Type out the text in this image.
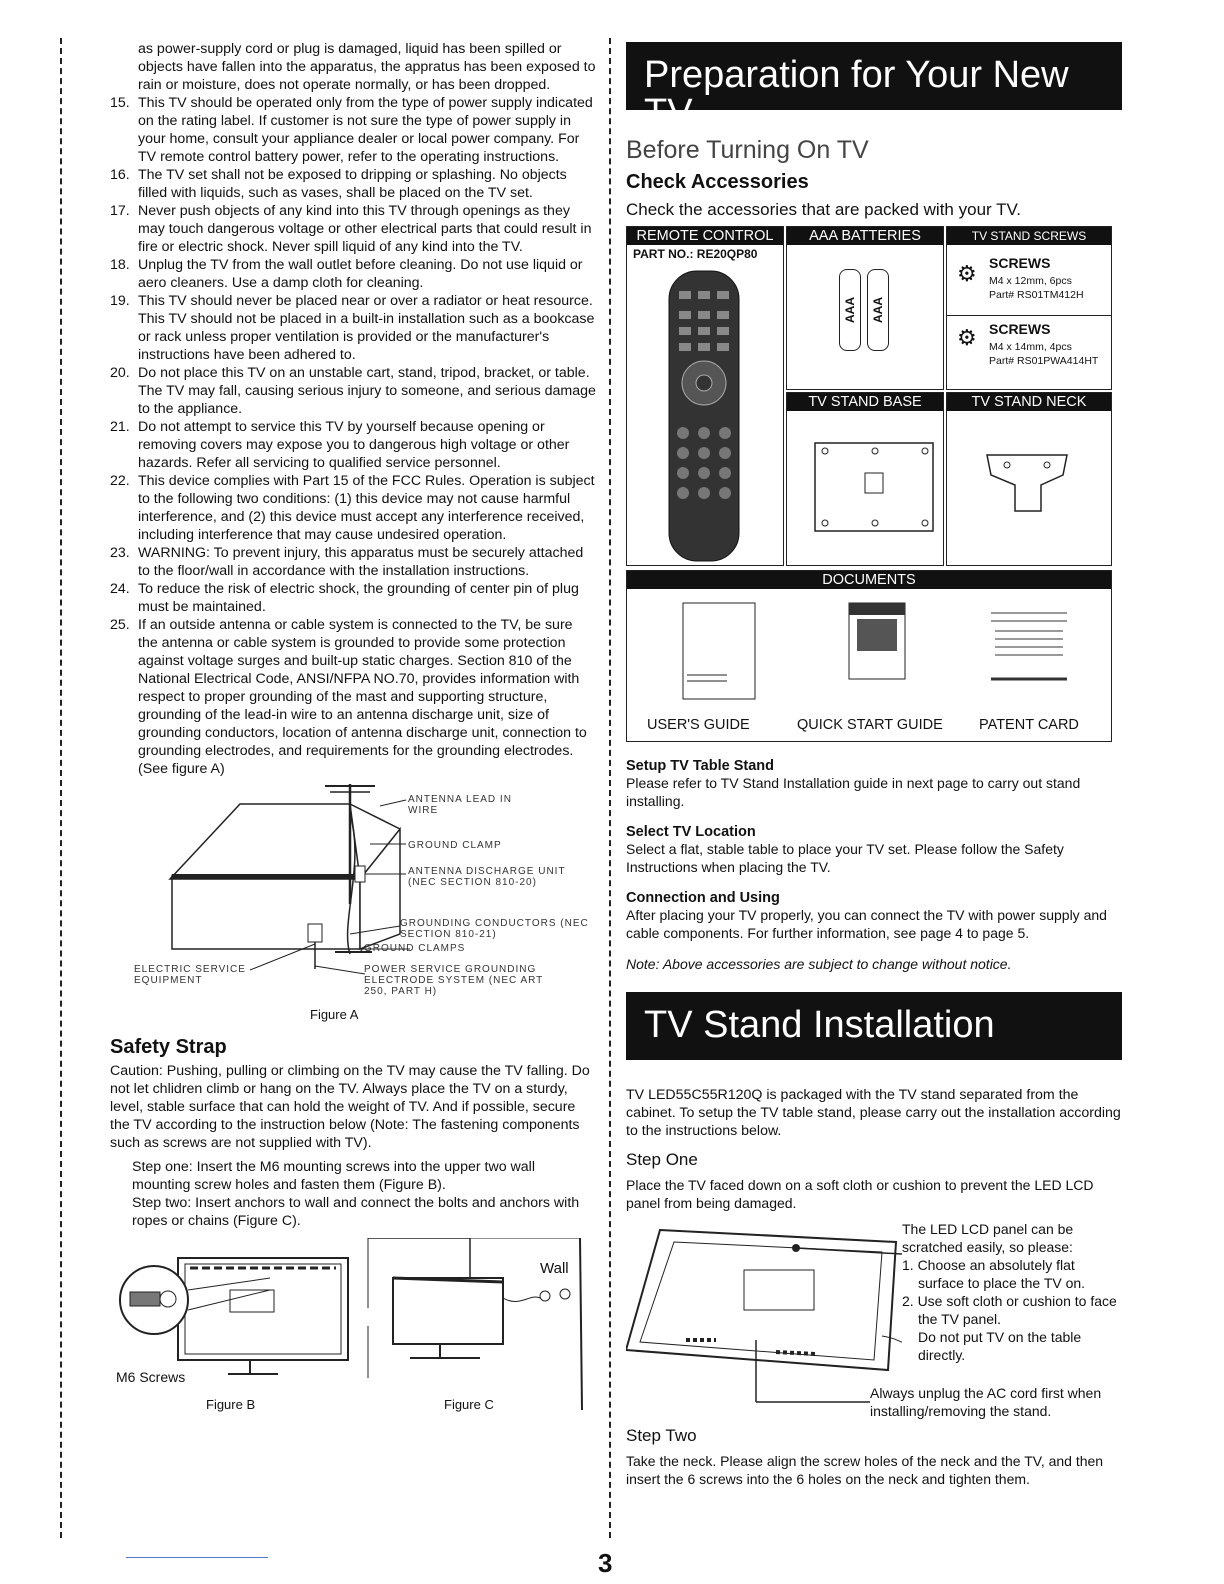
as power-supply cord or plug is damaged, liquid has been spilled or objects have fallen into the apparatus, the appratus has been exposed to rain or moisture, does not operate normally, or has been dropped.
15. This TV should be operated only from the type of power supply indicated on the rating label. If customer is not sure the type of power supply in your home, consult your appliance dealer or local power company. For TV remote control battery power, refer to the operating instructions.
16. The TV set shall not be exposed to dripping or splashing. No objects filled with liquids, such as vases, shall be placed on the TV set.
17. Never push objects of any kind into this TV through openings as they may touch dangerous voltage or other electrical parts that could result in fire or electric shock. Never spill liquid of any kind into the TV.
18. Unplug the TV from the wall outlet before cleaning. Do not use liquid or aero cleaners. Use a damp cloth for cleaning.
19. This TV should never be placed near or over a radiator or heat resource. This TV should not be placed in a built-in installation such as a bookcase or rack unless proper ventilation is provided or the manufacturer's instructions have been adhered to.
20. Do not place this TV on an unstable cart, stand, tripod, bracket, or table. The TV may fall, causing serious injury to someone, and serious damage to the appliance.
21. Do not attempt to service this TV by yourself because opening or removing covers may expose you to dangerous high voltage or other hazards. Refer all servicing to qualified service personnel.
22. This device complies with Part 15 of the FCC Rules. Operation is subject to the following two conditions: (1) this device may not cause harmful interference, and (2) this device must accept any interference received, including interference that may cause undesired operation.
23. WARNING: To prevent injury, this apparatus must be securely attached to the floor/wall in accordance with the installation instructions.
24. To reduce the risk of electric shock, the grounding of center pin of plug must be maintained.
25. If an outside antenna or cable system is connected to the TV, be sure the antenna or cable system is grounded to provide some protection against voltage surges and built-up static charges. Section 810 of the National Electrical Code, ANSI/NFPA NO.70, provides information with respect to proper grounding of the mast and supporting structure, grounding of the lead-in wire to an antenna discharge unit, size of grounding conductors, location of antenna discharge unit, connection to grounding electrodes, and requirements for the grounding electrodes. (See figure A)
ANTENNA LEAD IN WIRE
GROUND CLAMP
ANTENNA DISCHARGE UNIT (NEC SECTION 810-20)
GROUNDING CONDUCTORS (NEC SECTION 810-21)
GROUND CLAMPS
ELECTRIC SERVICE EQUIPMENT
POWER SERVICE GROUNDING ELECTRODE SYSTEM (NEC ART 250, PART H)
Figure A
Safety Strap
Caution: Pushing, pulling or climbing on the TV may cause the TV falling. Do not let chlidren climb or hang on the TV. Always place the TV on a sturdy, level, stable surface that can hold the weight of TV. And if possible, secure the TV according to the instruction below (Note: The fastening components such as screws are not supplied with TV).
Step one: Insert the M6 mounting screws into the upper two wall mounting screw holes and fasten them (Figure B).
Step two: Insert anchors to wall and connect the bolts and anchors with ropes or chains (Figure C).
M6 Screws
Wall
Figure B	Figure C
Preparation for Your New TV
Before Turning On TV
Check Accessories
Check the accessories that are packed with your TV.
REMOTE CONTROL
PART NO.: RE20QP80
AAA BATTERIES
AAA	AAA
TV STAND SCREWS
⚙ SCREWS
M4 x 12mm, 6pcs
Part# RS01TM412H
⚙ SCREWS
M4 x 14mm, 4pcs
Part# RS01PWA414HT
TV STAND BASE	TV STAND NECK
DOCUMENTS
USER'S GUIDE	QUICK START GUIDE PATENT CARD
Setup TV Table Stand
Please refer to TV Stand Installation guide in next page to carry out stand installing.
Select TV Location
Select a flat, stable table to place your TV set. Please follow the Safety Instructions when placing the TV.
Connection and Using
After placing your TV properly, you can connect the TV with power supply and cable components. For further information, see page 4 to page 5.
Note: Above accessories are subject to change without notice.
TV Stand Installation
TV LED55C55R120Q is packaged with the TV stand separated from the cabinet. To setup the TV table stand, please carry out the installation according to the instructions below.
Step One
Place the TV faced down on a soft cloth or cushion to prevent the LED LCD panel from being damaged.
The LED LCD panel can be scratched easily, so please:
1. Choose an absolutely flat surface to place the TV on.
2. Use soft cloth or cushion to face the TV panel.
Do not put TV on the table directly.
Always unplug the AC cord first when installing/removing the stand.
Step Two
Take the neck. Please align the screw holes of the neck and the TV, and then insert the 6 screws into the 6 holes on the neck and tighten them.
3
